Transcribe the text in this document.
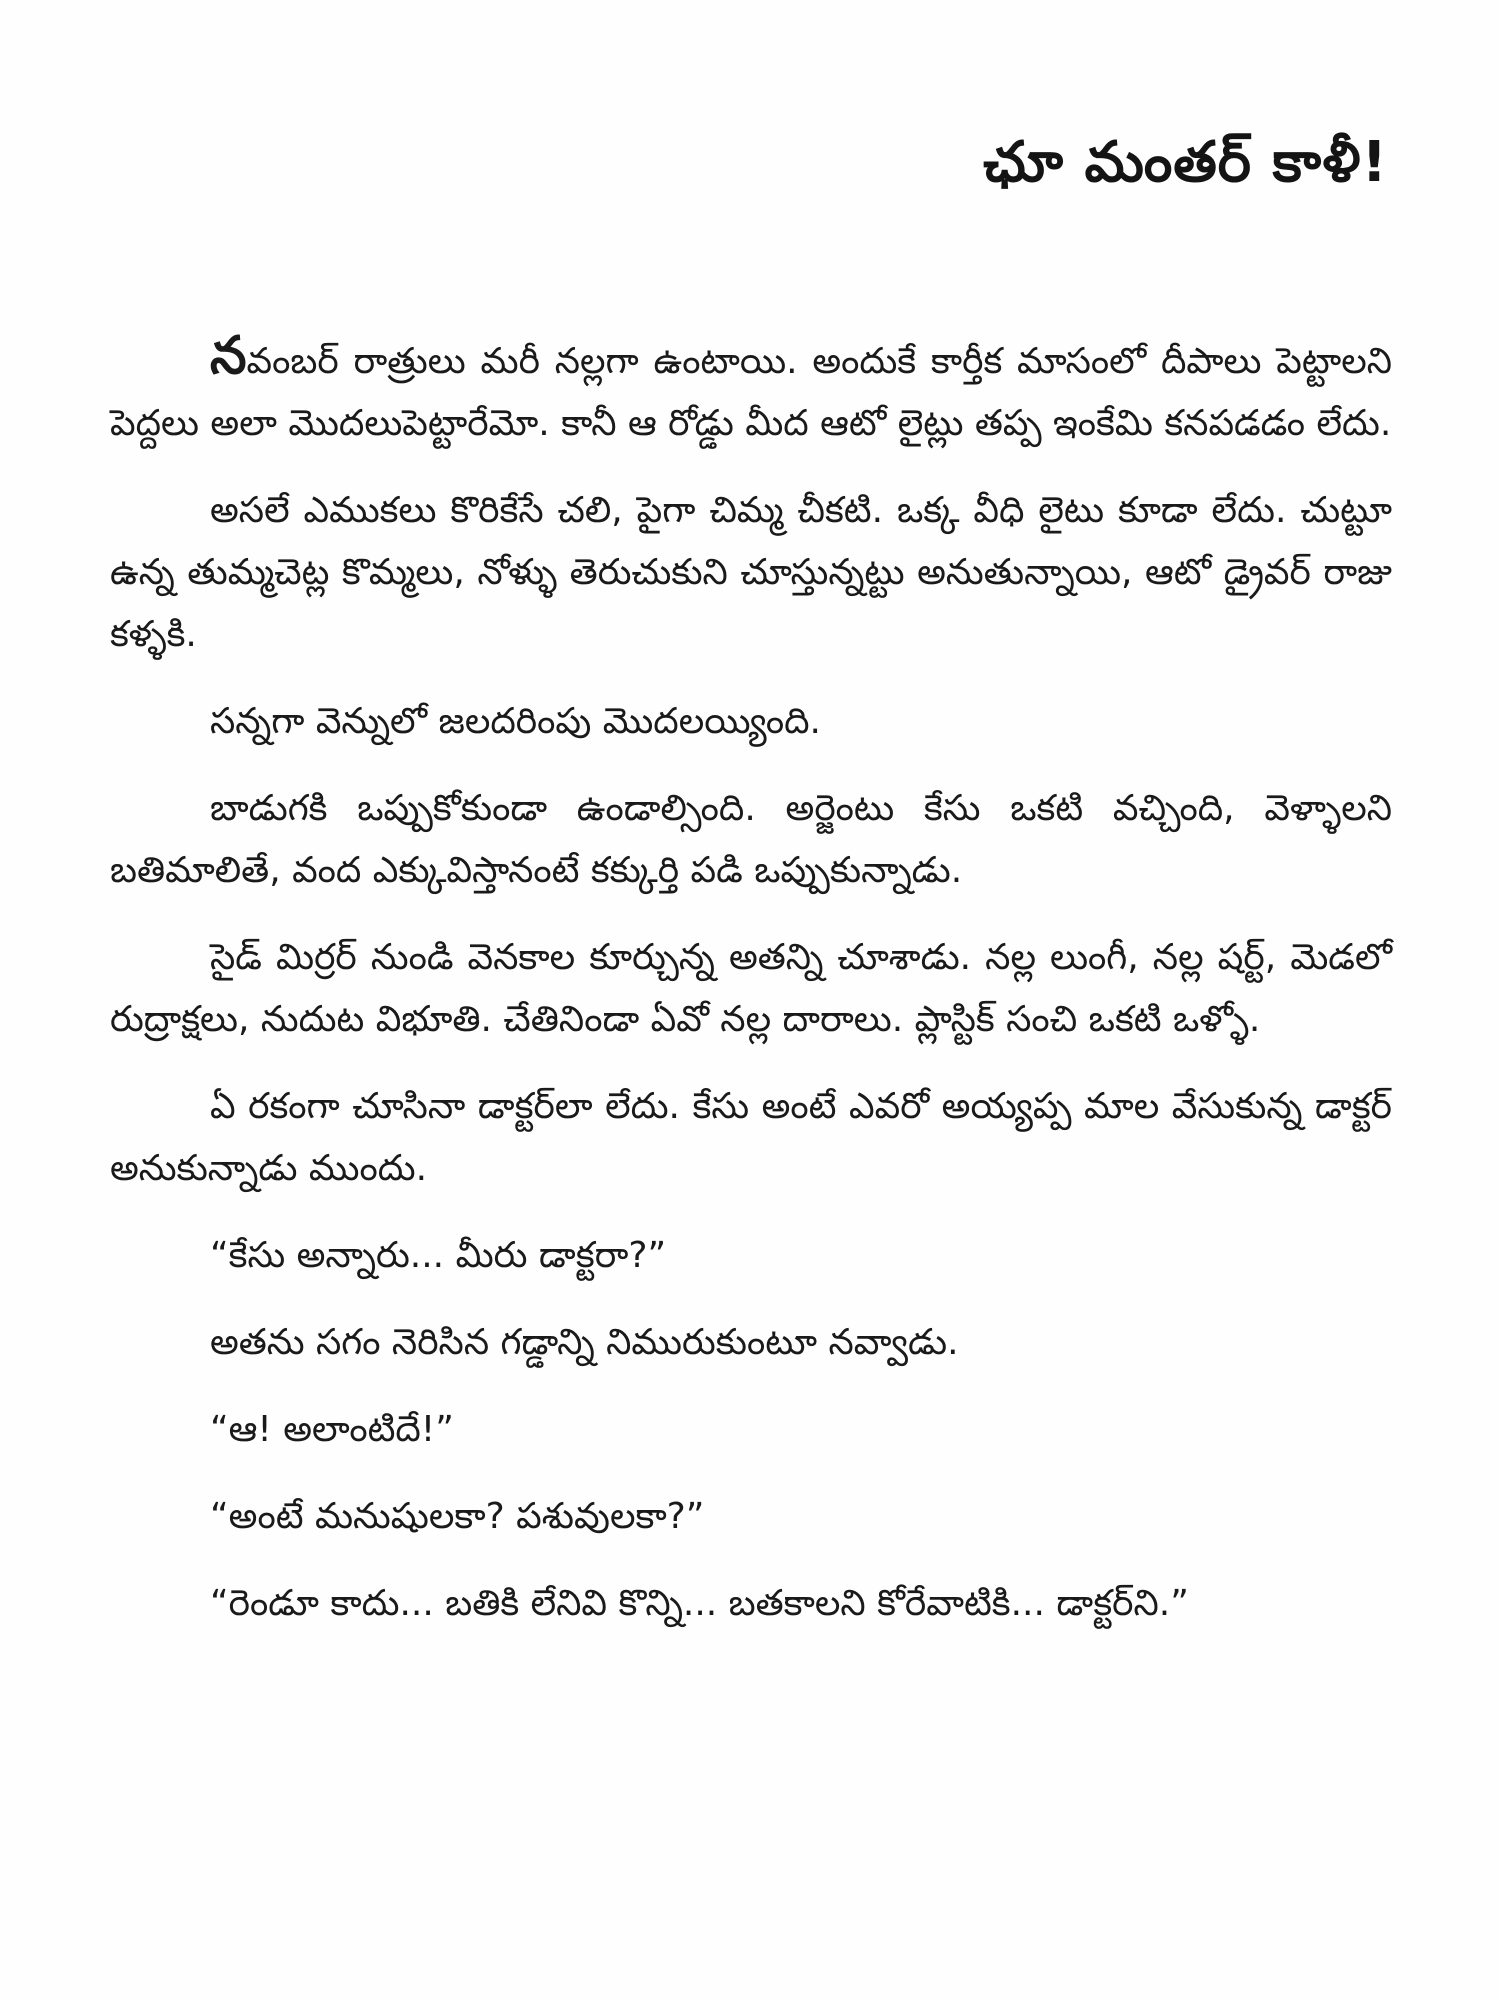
ఛూ మంతర్ కాళీ!

నవంబర్ రాత్రులు మరీ నల్లగా ఉంటాయి. అందుకే కార్తీక మాసంలో దీపాలు పెట్టాలని పెద్దలు అలా మొదలుపెట్టారేమో. కానీ ఆ రోడ్డు మీద ఆటో లైట్లు తప్ప ఇంకేమి కనపడడం లేదు.

అసలే ఎముకలు కొరికేసే చలి, పైగా చిమ్మ చీకటి. ఒక్క వీధి లైటు కూడా లేదు. చుట్టూ ఉన్న తుమ్మచెట్ల కొమ్మలు, నోళ్ళు తెరుచుకుని చూస్తున్నట్టు అనుతున్నాయి, ఆటో డ్రైవర్ రాజు కళ్ళకి.

సన్నగా వెన్నులో జలదరింపు మొదలయ్యింది.

బాడుగకి ఒప్పుకోకుండా ఉండాల్సింది. అర్జెంటు కేసు ఒకటి వచ్చింది, వెళ్ళాలని బతిమాలితే, వంద ఎక్కువిస్తానంటే కక్కుర్తి పడి ఒప్పుకున్నాడు.

సైడ్ మిర్రర్ నుండి వెనకాల కూర్చున్న అతన్ని చూశాడు. నల్ల లుంగీ, నల్ల షర్ట్, మెడలో రుద్రాక్షలు, నుదుట విభూతి. చేతినిండా ఏవో నల్ల దారాలు. ప్లాస్టిక్ సంచి ఒకటి ఒళ్ళో.

ఏ రకంగా చూసినా డాక్టర్‌లా లేదు. కేసు అంటే ఎవరో అయ్యప్ప మాల వేసుకున్న డాక్టర్ అనుకున్నాడు ముందు.

“కేసు అన్నారు... మీరు డాక్టరా?”

అతను సగం నెరిసిన గడ్డాన్ని నిమురుకుంటూ నవ్వాడు.

“ఆ! అలాంటిదే!”

“అంటే మనుషులకా? పశువులకా?”

“రెండూ కాదు... బతికి లేనివి కొన్ని... బతకాలని కోరేవాటికి... డాక్టర్‌ని.”
